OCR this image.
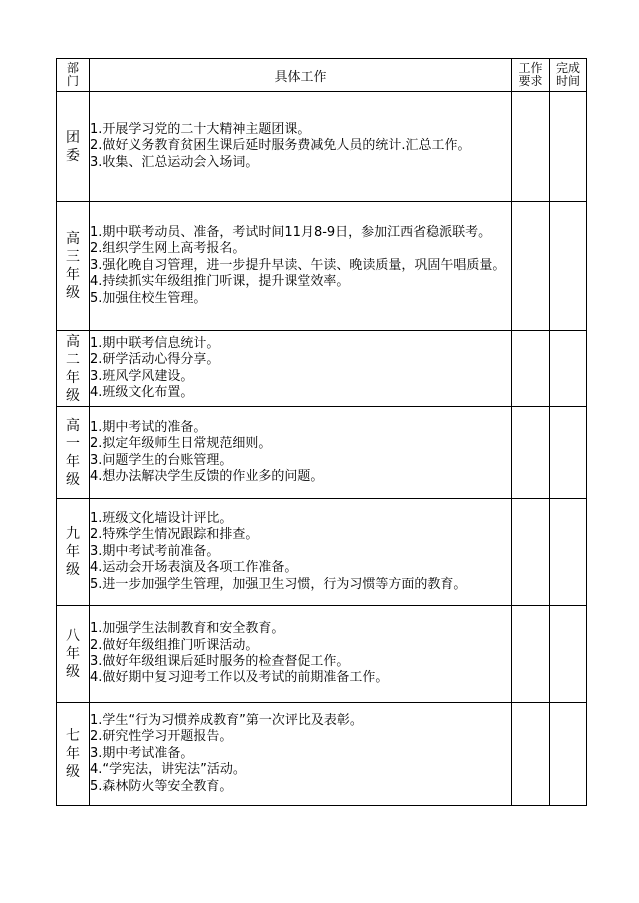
部门	具体工作	工作要求	完成时间

团委	1.开展学习党的二十大精神主题团课。
2.做好义务教育贫困生课后延时服务费减免人员的统计.汇总工作。
3.收集、汇总运动会入场词。		

高三年级	1.期中联考动员、准备，考试时间11月8-9日，参加江西省稳派联考。
2.组织学生网上高考报名。
3.强化晚自习管理，进一步提升早读、午读、晚读质量，巩固午唱质量。
4.持续抓实年级组推门听课，提升课堂效率。
5.加强住校生管理。		

高二年级	1.期中联考信息统计。
2.研学活动心得分享。
3.班风学风建设。
4.班级文化布置。		

高一年级	1.期中考试的准备。
2.拟定年级师生日常规范细则。
3.问题学生的台账管理。
4.想办法解决学生反馈的作业多的问题。		

九年级	1.班级文化墙设计评比。
2.特殊学生情况跟踪和排查。
3.期中考试考前准备。
4.运动会开场表演及各项工作准备。
5.进一步加强学生管理，加强卫生习惯，行为习惯等方面的教育。		

八年级	1.加强学生法制教育和安全教育。
2.做好年级组推门听课活动。
3.做好年级组课后延时服务的检查督促工作。
4.做好期中复习迎考工作以及考试的前期准备工作。		

七年级	1.学生“行为习惯养成教育”第一次评比及表彰。
2.研究性学习开题报告。
3.期中考试准备。
4.“学宪法，讲宪法”活动。
5.森林防火等安全教育。		
